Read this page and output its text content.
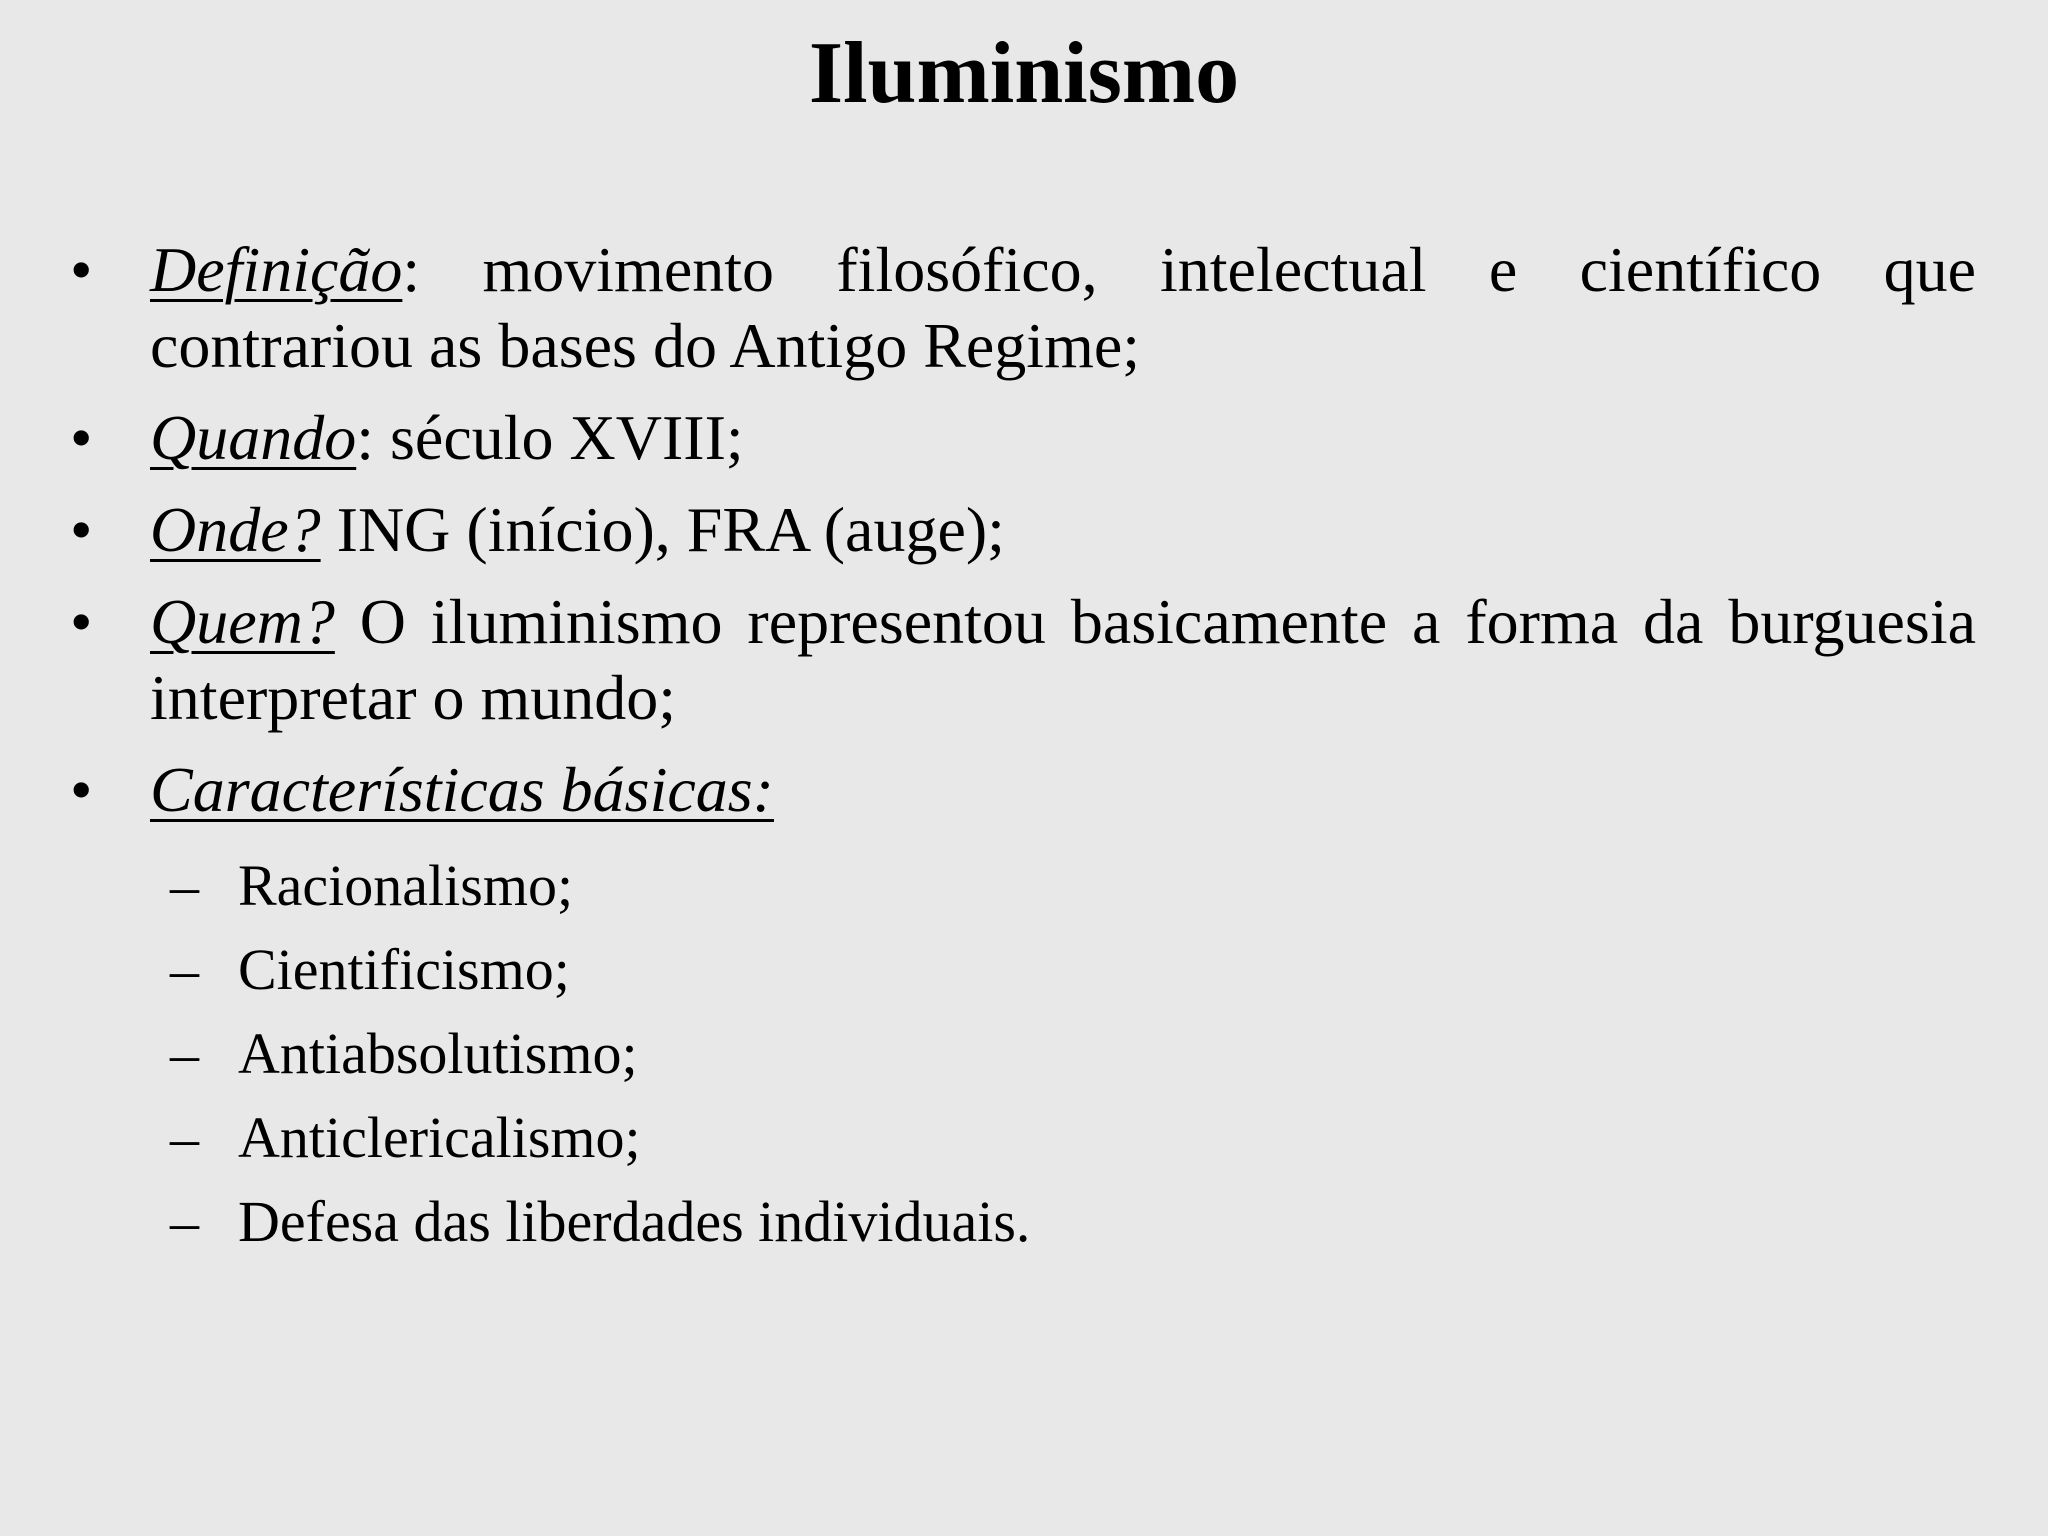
Iluminismo
• Definição: movimento filosófico, intelectual e científico que contrariou as bases do Antigo Regime;
• Quando: século XVIII;
• Onde? ING (início), FRA (auge);
• Quem? O iluminismo representou basicamente a forma da burguesia interpretar o mundo;
• Características básicas:
– Racionalismo;
– Cientificismo;
– Antiabsolutismo;
– Anticlericalismo;
– Defesa das liberdades individuais.
